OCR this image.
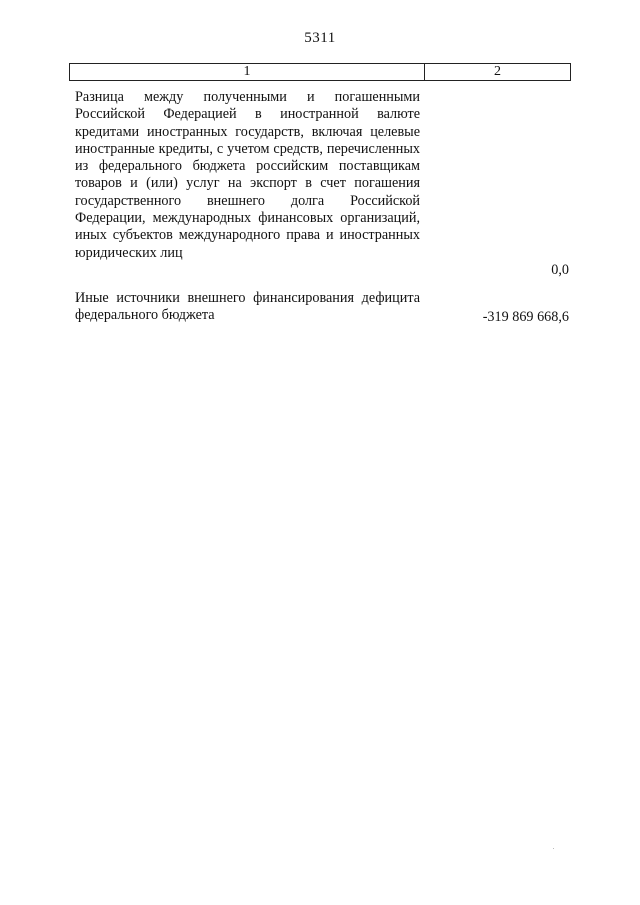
5311
1	2
Разница между полученными и погашенными Российской Федерацией в иностранной валюте кредитами иностранных государств, включая целевые иностранные кредиты, с учетом средств, перечисленных из федерального бюджета российским поставщикам товаров и (или) услуг на экспорт в счет погашения государственного внешнего долга Российской Федерации, международных финансовых организаций, иных субъектов международного права и иностранных юридических лиц
0,0
Иные источники внешнего финансирования дефицита федерального бюджета	-319 869 668,6
